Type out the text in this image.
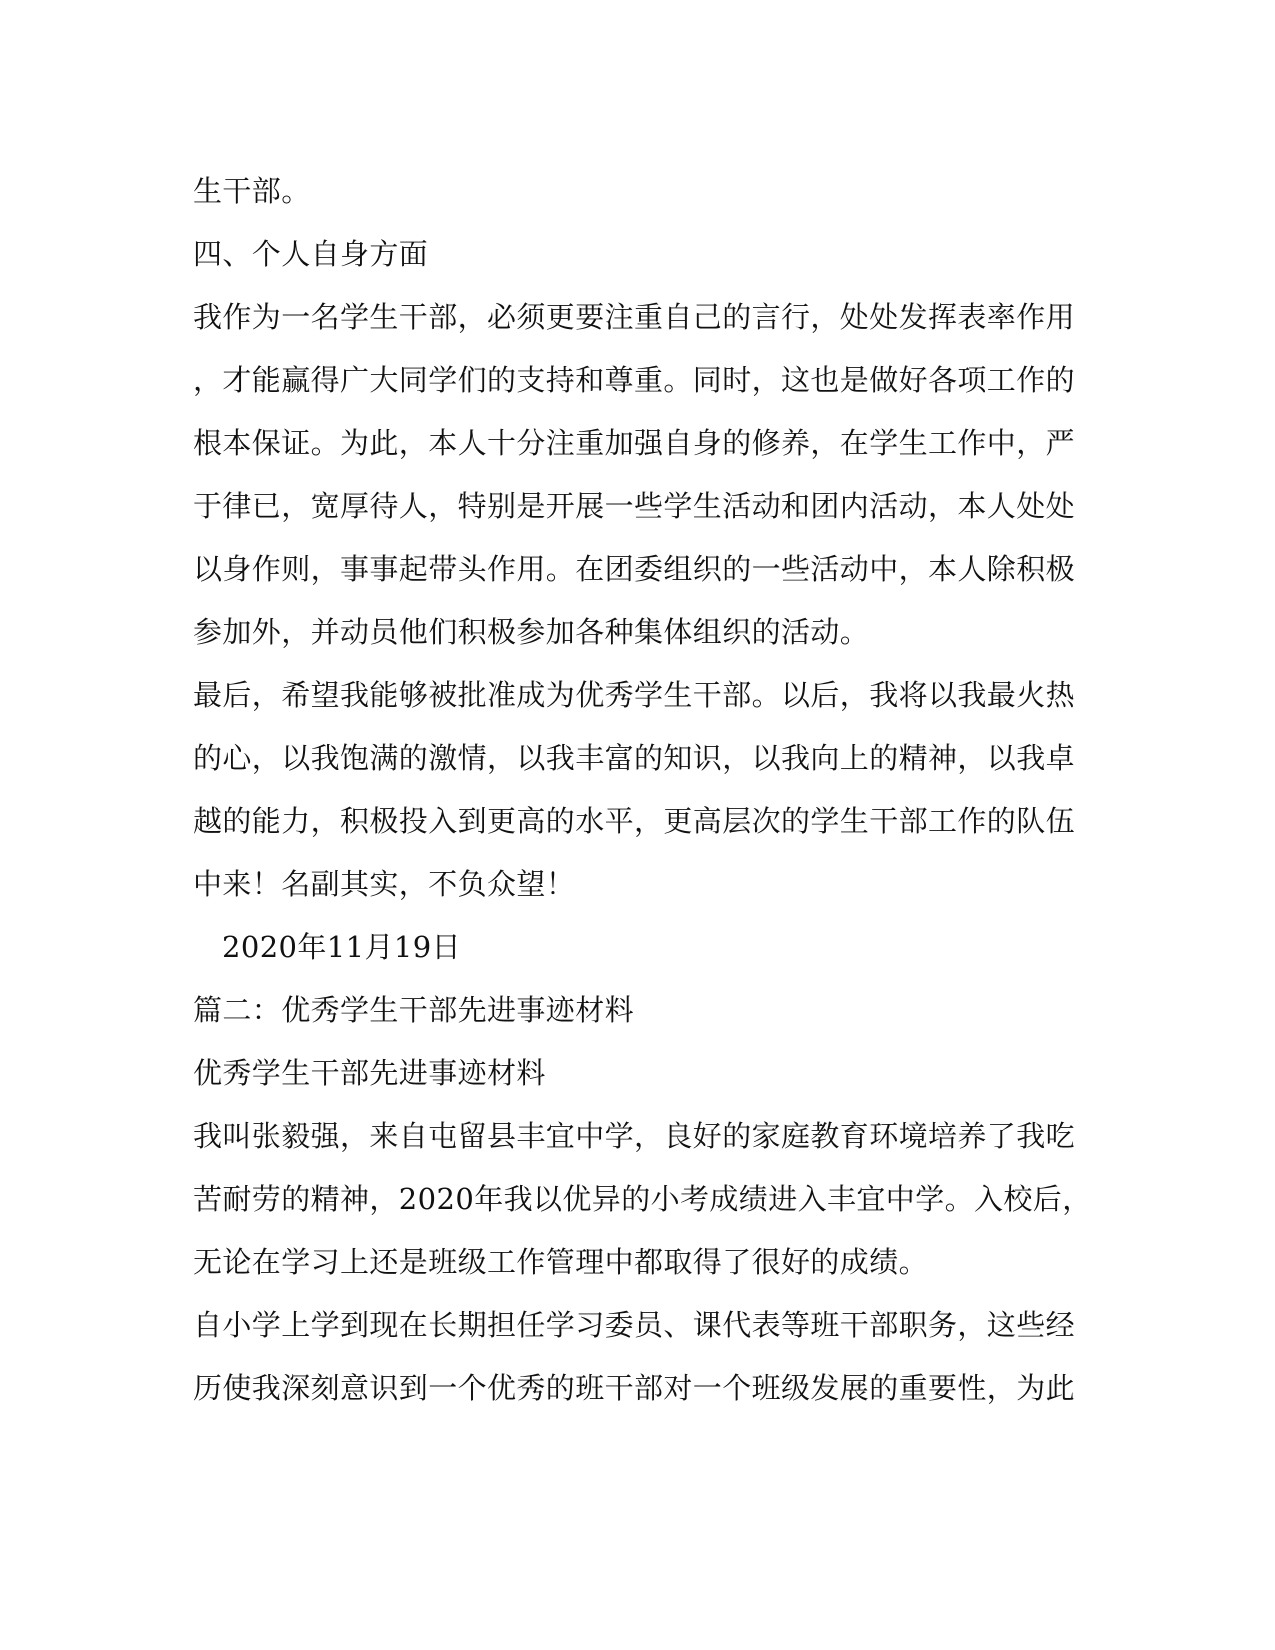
生干部。
四、个人自身方面
我作为一名学生干部，必须更要注重自己的言行，处处发挥表率作用
，才能赢得广大同学们的支持和尊重。同时，这也是做好各项工作的
根本保证。为此，本人十分注重加强自身的修养，在学生工作中，严
于律已，宽厚待人，特别是开展一些学生活动和团内活动，本人处处
以身作则，事事起带头作用。在团委组织的一些活动中，本人除积极
参加外，并动员他们积极参加各种集体组织的活动。
最后，希望我能够被批准成为优秀学生干部。以后，我将以我最火热
的心，以我饱满的激情，以我丰富的知识，以我向上的精神，以我卓
越的能力，积极投入到更高的水平，更高层次的学生干部工作的队伍
中来！名副其实，不负众望！
2020年11月19日
篇二：优秀学生干部先进事迹材料
优秀学生干部先进事迹材料
我叫张毅强，来自屯留县丰宜中学，良好的家庭教育环境培养了我吃
苦耐劳的精神，2020年我以优异的小考成绩进入丰宜中学。入校后，
无论在学习上还是班级工作管理中都取得了很好的成绩。
自小学上学到现在长期担任学习委员、课代表等班干部职务，这些经
历使我深刻意识到一个优秀的班干部对一个班级发展的重要性，为此
